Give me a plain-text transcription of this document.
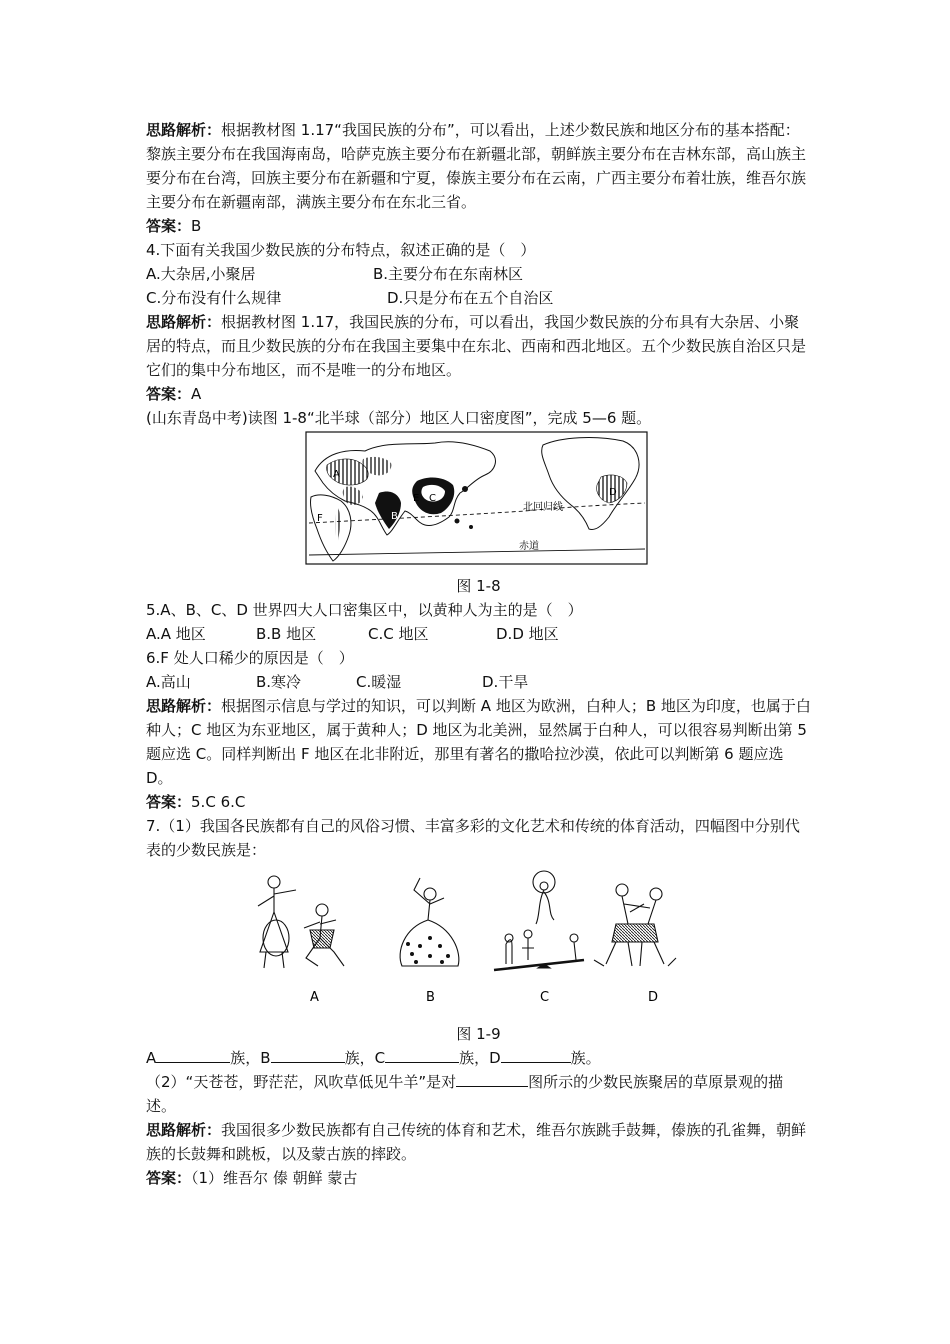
思路解析：根据教材图 1.17“我国民族的分布”，可以看出，上述少数民族和地区分布的基本搭配：黎族主要分布在我国海南岛，哈萨克族主要分布在新疆北部，朝鲜族主要分布在吉林东部，高山族主要分布在台湾，回族主要分布在新疆和宁夏，傣族主要分布在云南，广西主要分布着壮族，维吾尔族主要分布在新疆南部，满族主要分布在东北三省。

答案：B

4.下面有关我国少数民族的分布特点，叙述正确的是（　）

A.大杂居,小聚居	B.主要分布在东南林区
C.分布没有什么规律	D.只是分布在五个自治区

思路解析：根据教材图 1.17，我国民族的分布，可以看出，我国少数民族的分布具有大杂居、小聚居的特点，而且少数民族的分布在我国主要集中在东北、西南和西北地区。五个少数民族自治区只是它们的集中分布地区，而不是唯一的分布地区。

答案：A

(山东青岛中考)读图 1-8“北半球（部分）地区人口密度图”，完成 5—6 题。

A
B
C
D
E
F
北回归线
赤道
图 1-8

5.A、B、C、D 世界四大人口密集区中，以黄种人为主的是（　）

A.A 地区	B.B 地区	C.C 地区	D.D 地区

6.F 处人口稀少的原因是（　）

A.高山	B.寒冷	C.暖湿	D.干旱

思路解析：根据图示信息与学过的知识，可以判断 A 地区为欧洲，白种人；B 地区为印度，也属于白种人；C 地区为东亚地区，属于黄种人；D 地区为北美洲，显然属于白种人，可以很容易判断出第 5 题应选 C。同样判断出 F 地区在北非附近，那里有著名的撒哈拉沙漠，依此可以判断第 6 题应选 D。

答案：5.C 6.C

7.（1）我国各民族都有自己的风俗习惯、丰富多彩的文化艺术和传统的体育活动，四幅图中分别代表的少数民族是：

A	B	C	D
图 1-9

A	族，B	族，C	族，D	族。

（2）“天苍苍，野茫茫，风吹草低见牛羊”是对	图所示的少数民族聚居的草原景观的描述。

思路解析：我国很多少数民族都有自己传统的体育和艺术，维吾尔族跳手鼓舞，傣族的孔雀舞，朝鲜族的长鼓舞和跳板，以及蒙古族的摔跤。

答案：（1）维吾尔 傣 朝鲜 蒙古
